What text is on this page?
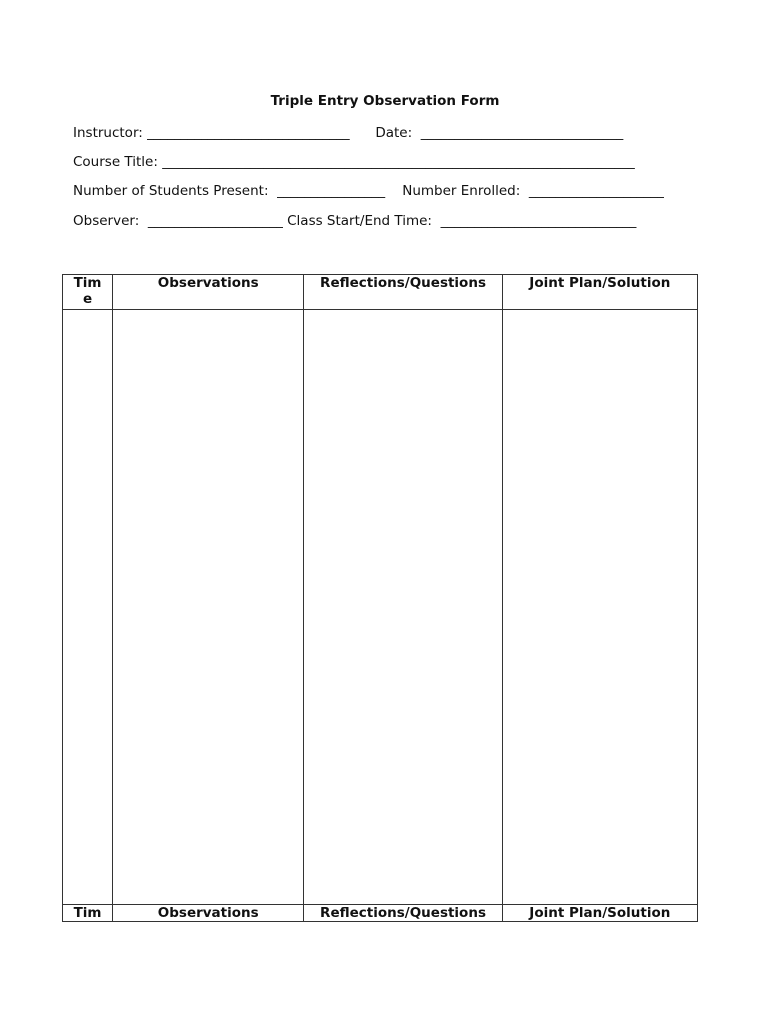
Triple Entry Observation Form
Instructor: ______________________________      Date:  ______________________________
Course Title: ______________________________________________________________________
Number of Students Present:  ________________    Number Enrolled:  ____________________
Observer:  ____________________ Class Start/End Time:  _____________________________
Time	Observations	Reflections/Questions	Joint Plan/Solution

Tim	Observations	Reflections/Questions	Joint Plan/Solution
